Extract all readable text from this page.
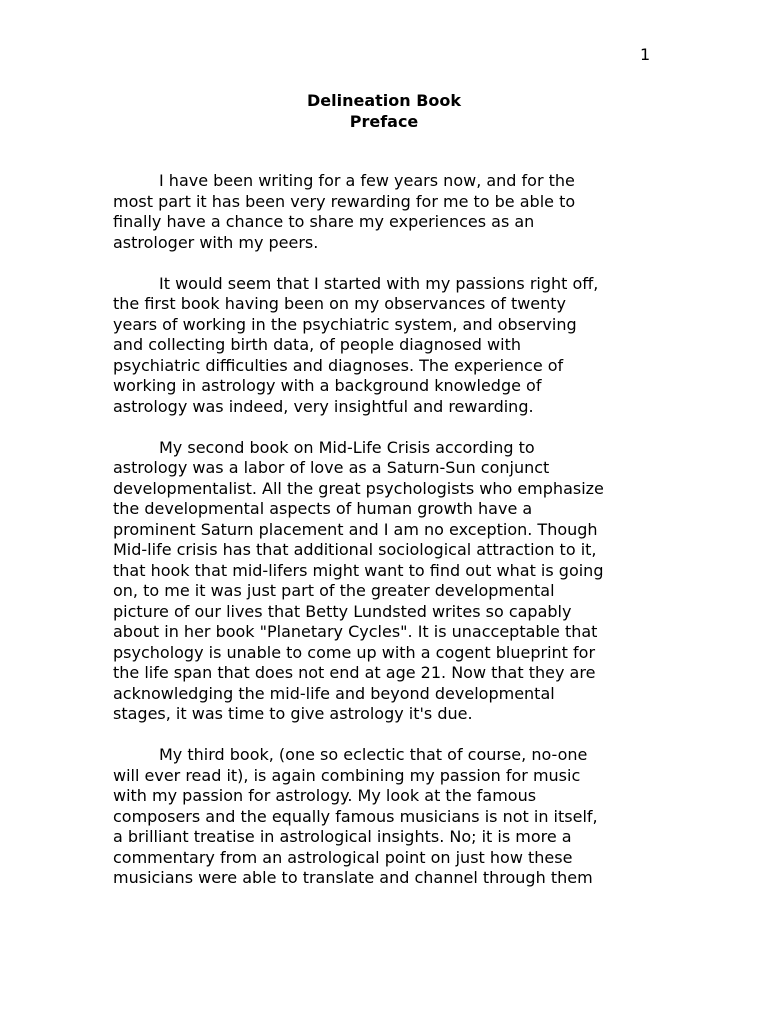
1
Delineation Book
Preface
I have been writing for a few years now, and for the
most part it has been very rewarding for me to be able to
finally have a chance to share my experiences as an
astrologer with my peers.
It would seem that I started with my passions right off,
the first book having been on my observances of twenty
years of working in the psychiatric system, and observing
and collecting birth data, of people diagnosed with
psychiatric difficulties and diagnoses. The experience of
working in astrology with a background knowledge of
astrology was indeed, very insightful and rewarding.
My second book on Mid-Life Crisis according to
astrology was a labor of love as a Saturn-Sun conjunct
developmentalist. All the great psychologists who emphasize
the developmental aspects of human growth have a
prominent Saturn placement and I am no exception. Though
Mid-life crisis has that additional sociological attraction to it,
that hook that mid-lifers might want to find out what is going
on, to me it was just part of the greater developmental
picture of our lives that Betty Lundsted writes so capably
about in her book "Planetary Cycles". It is unacceptable that
psychology is unable to come up with a cogent blueprint for
the life span that does not end at age 21. Now that they are
acknowledging the mid-life and beyond developmental
stages, it was time to give astrology it's due.
My third book, (one so eclectic that of course, no-one
will ever read it), is again combining my passion for music
with my passion for astrology. My look at the famous
composers and the equally famous musicians is not in itself,
a brilliant treatise in astrological insights. No; it is more a
commentary from an astrological point on just how these
musicians were able to translate and channel through them
